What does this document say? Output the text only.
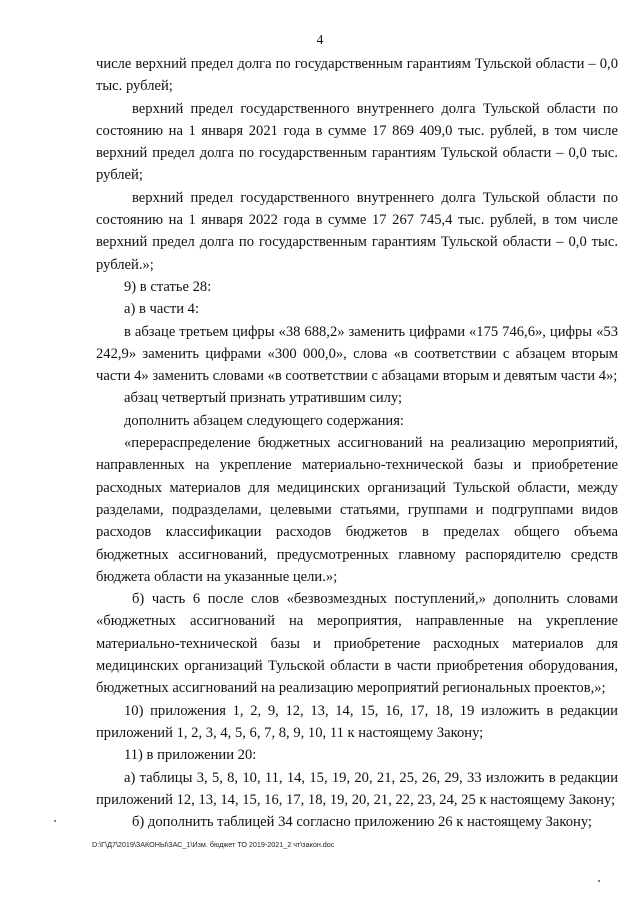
4

числе верхний предел долга по государственным гарантиям Тульской области – 0,0 тыс. рублей;

верхний предел государственного внутреннего долга Тульской области по состоянию на 1 января 2021 года в сумме 17 869 409,0 тыс. рублей, в том числе верхний предел долга по государственным гарантиям Тульской области – 0,0 тыс. рублей;

верхний предел государственного внутреннего долга Тульской области по состоянию на 1 января 2022 года в сумме 17 267 745,4 тыс. рублей, в том числе верхний предел долга по государственным гарантиям Тульской области – 0,0 тыс. рублей.»;

9) в статье 28:

а) в части 4:

в абзаце третьем цифры «38 688,2» заменить цифрами «175 746,6», цифры «53 242,9» заменить цифрами «300 000,0», слова «в соответствии с абзацем вторым части 4» заменить словами «в соответствии с абзацами вторым и девятым части 4»;

абзац четвертый признать утратившим силу;

дополнить абзацем следующего содержания:

«перераспределение бюджетных ассигнований на реализацию мероприятий, направленных на укрепление материально-технической базы и приобретение расходных материалов для медицинских организаций Тульской области, между разделами, подразделами, целевыми статьями, группами и подгруппами видов расходов классификации расходов бюджетов в пределах общего объема бюджетных ассигнований, предусмотренных главному распорядителю средств бюджета области на указанные цели.»;

б) часть 6 после слов «безвозмездных поступлений,» дополнить словами «бюджетных ассигнований на мероприятия, направленные на укрепление материально-технической базы и приобретение расходных материалов для медицинских организаций Тульской области в части приобретения оборудования, бюджетных ассигнований на реализацию мероприятий региональных проектов,»;

10) приложения 1, 2, 9, 12, 13, 14, 15, 16, 17, 18, 19 изложить в редакции приложений 1, 2, 3, 4, 5, 6, 7, 8, 9, 10, 11 к настоящему Закону;

11) в приложении 20:

а) таблицы 3, 5, 8, 10, 11, 14, 15, 19, 20, 21, 25, 26, 29, 33 изложить в редакции приложений 12, 13, 14, 15, 16, 17, 18, 19, 20, 21, 22, 23, 24, 25 к настоящему Закону;

б) дополнить таблицей 34 согласно приложению 26 к настоящему Закону;

D:\Г\Д7\2019\ЗАКОНЫ\ЗАС_1\Изм. бюджет ТО 2019-2021_2 чт\закон.doc
